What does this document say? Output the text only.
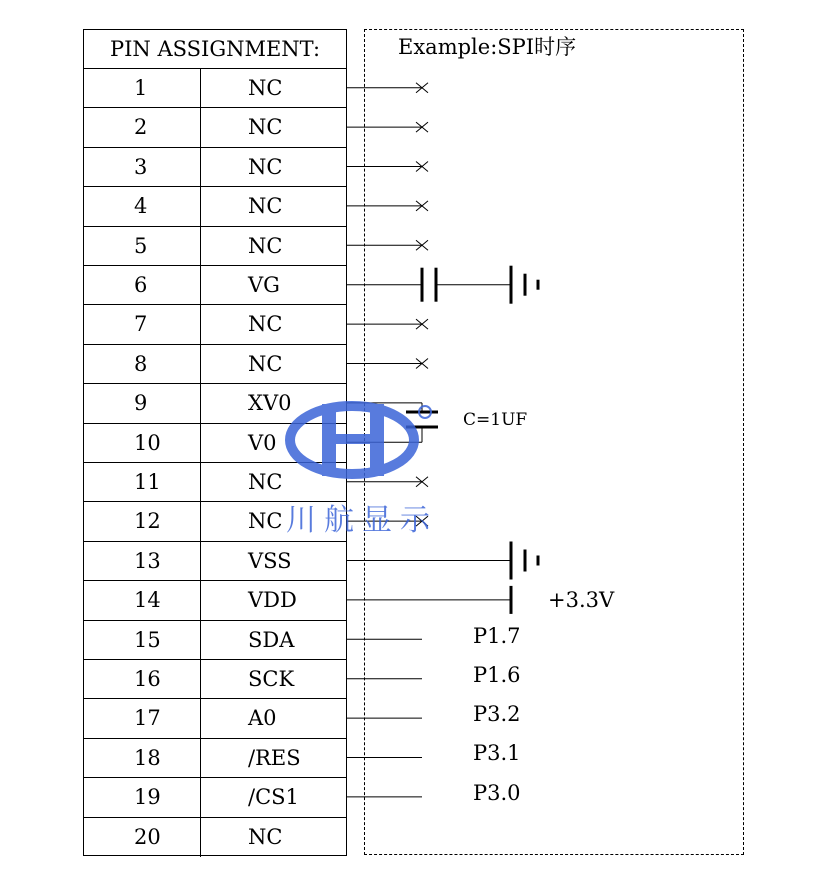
PIN ASSIGNMENT:
1	NC
2	NC
3	NC
4	NC
5	NC
6	VG
7	NC
8	NC
9	XV0
10	V0
11	NC
12	NC
13	VSS
14	VDD
15	SDA
16	SCK
17	A0
18	/RES
19	/CS1
20	NC
Example:SPI时序
C=1UF
+3.3V
P1.7
P1.6
P3.2
P3.1
P3.0
川航显示
